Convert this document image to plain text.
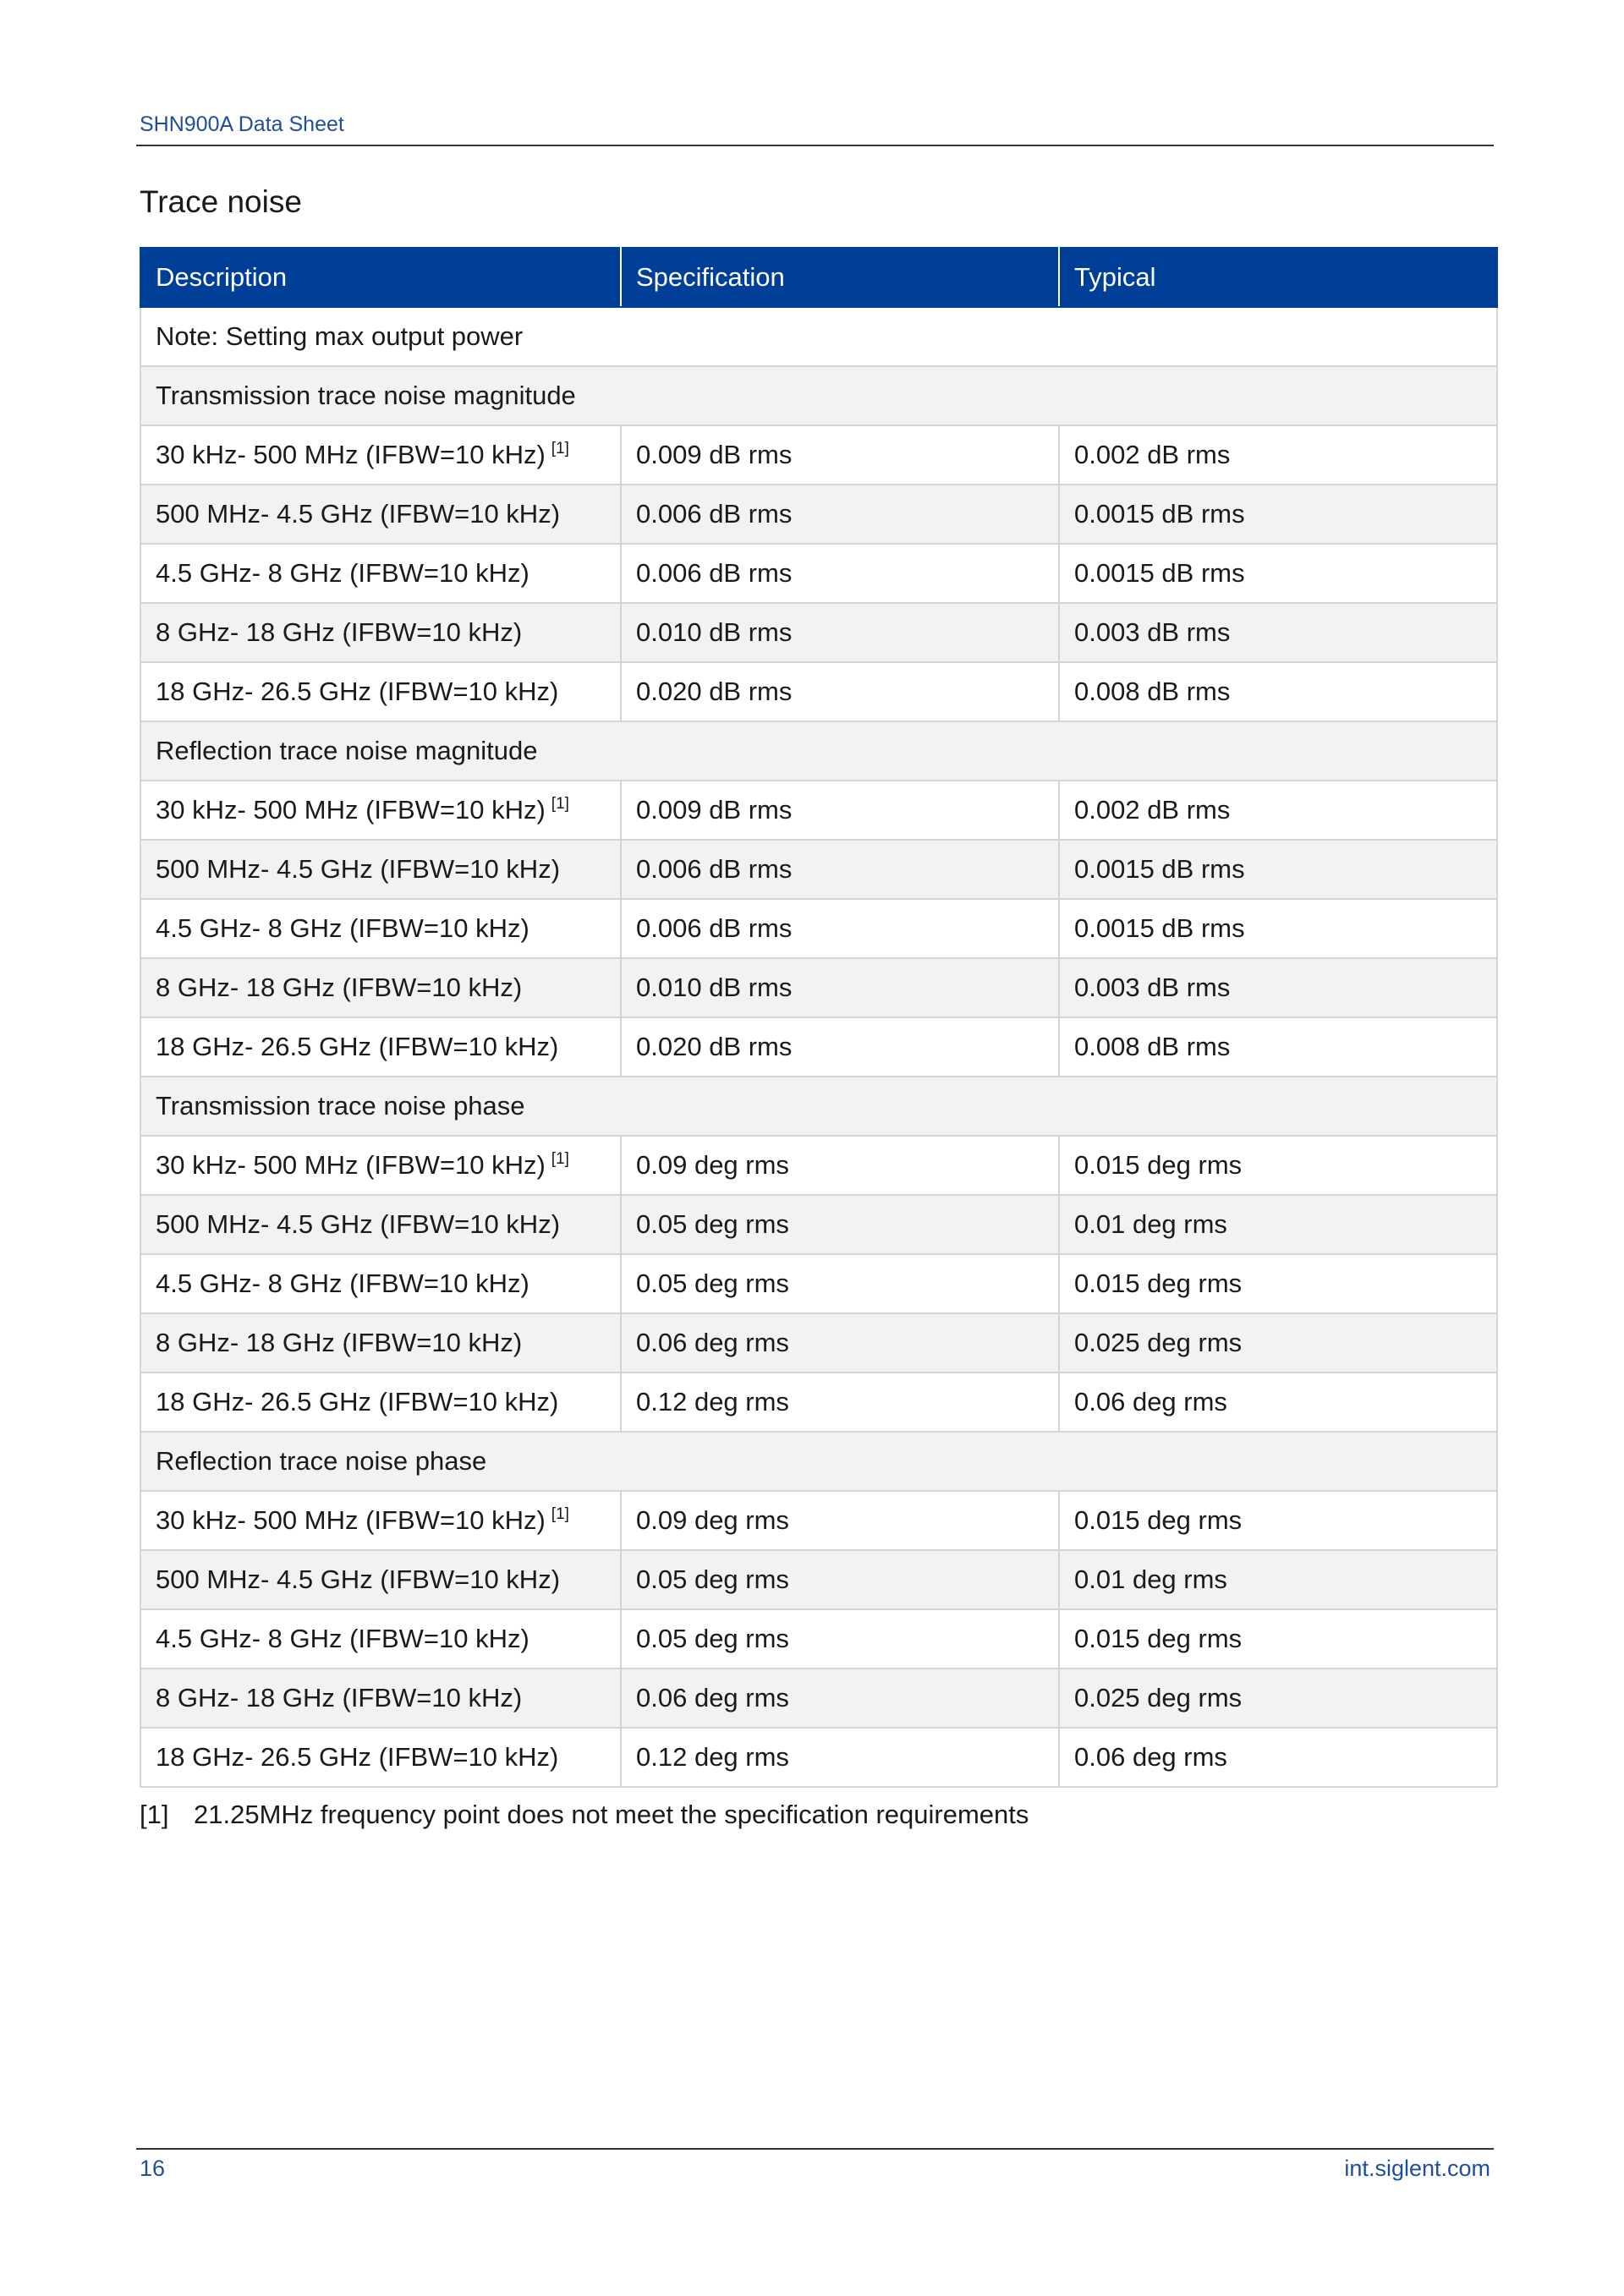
SHN900A Data Sheet
Trace noise
Description	Specification	Typical
Note: Setting max output power		
Transmission trace noise magnitude		
30 kHz- 500 MHz (IFBW=10 kHz) [1]	0.009 dB rms	0.002 dB rms
500 MHz- 4.5 GHz (IFBW=10 kHz)	0.006 dB rms	0.0015 dB rms
4.5 GHz- 8 GHz (IFBW=10 kHz)	0.006 dB rms	0.0015 dB rms
8 GHz- 18 GHz (IFBW=10 kHz)	0.010 dB rms	0.003 dB rms
18 GHz- 26.5 GHz (IFBW=10 kHz)	0.020 dB rms	0.008 dB rms
Reflection trace noise magnitude		
30 kHz- 500 MHz (IFBW=10 kHz) [1]	0.009 dB rms	0.002 dB rms
500 MHz- 4.5 GHz (IFBW=10 kHz)	0.006 dB rms	0.0015 dB rms
4.5 GHz- 8 GHz (IFBW=10 kHz)	0.006 dB rms	0.0015 dB rms
8 GHz- 18 GHz (IFBW=10 kHz)	0.010 dB rms	0.003 dB rms
18 GHz- 26.5 GHz (IFBW=10 kHz)	0.020 dB rms	0.008 dB rms
Transmission trace noise phase		
30 kHz- 500 MHz (IFBW=10 kHz) [1]	0.09 deg rms	0.015 deg rms
500 MHz- 4.5 GHz (IFBW=10 kHz)	0.05 deg rms	0.01 deg rms
4.5 GHz- 8 GHz (IFBW=10 kHz)	0.05 deg rms	0.015 deg rms
8 GHz- 18 GHz (IFBW=10 kHz)	0.06 deg rms	0.025 deg rms
18 GHz- 26.5 GHz (IFBW=10 kHz)	0.12 deg rms	0.06 deg rms
Reflection trace noise phase		
30 kHz- 500 MHz (IFBW=10 kHz) [1]	0.09 deg rms	0.015 deg rms
500 MHz- 4.5 GHz (IFBW=10 kHz)	0.05 deg rms	0.01 deg rms
4.5 GHz- 8 GHz (IFBW=10 kHz)	0.05 deg rms	0.015 deg rms
8 GHz- 18 GHz (IFBW=10 kHz)	0.06 deg rms	0.025 deg rms
18 GHz- 26.5 GHz (IFBW=10 kHz)	0.12 deg rms	0.06 deg rms
[1] 21.25MHz frequency point does not meet the specification requirements
16	int.siglent.com
